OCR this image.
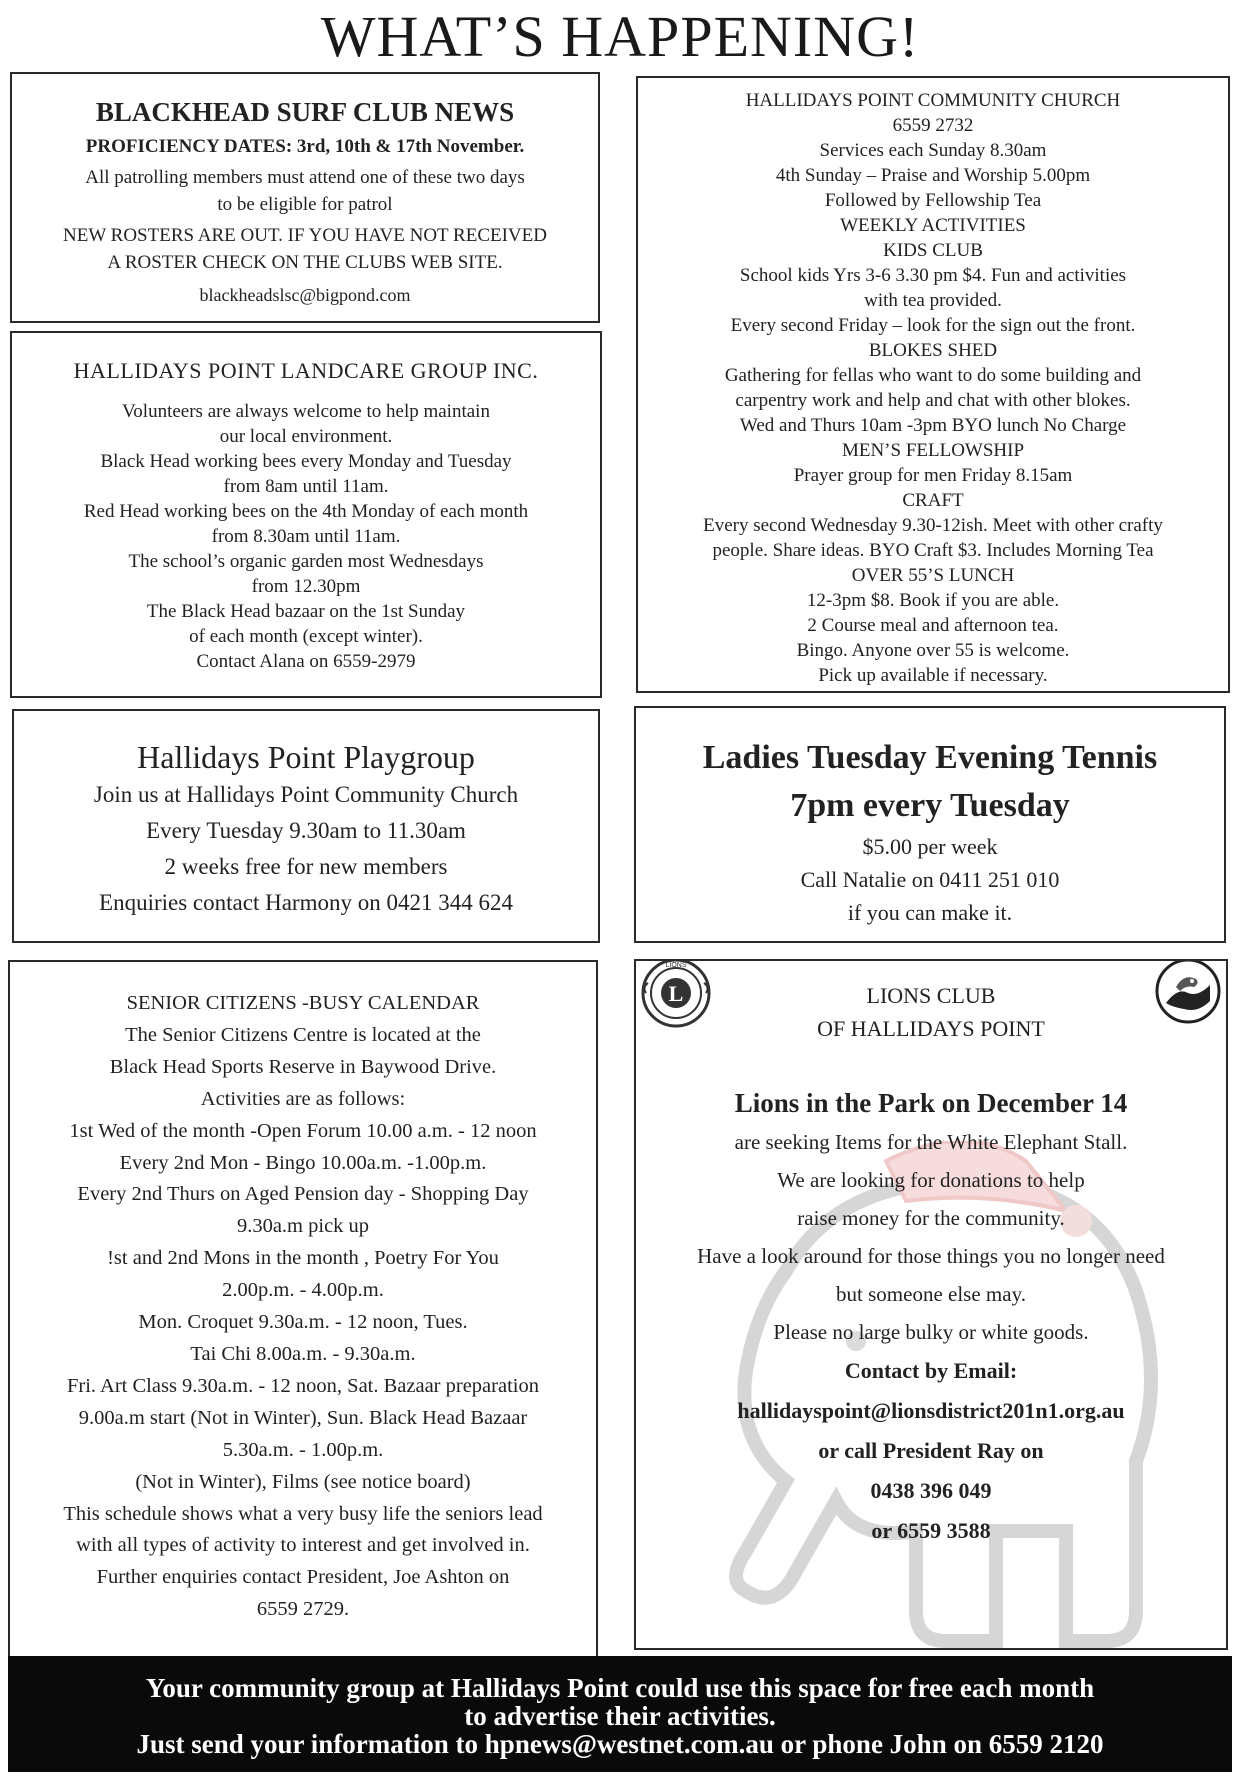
WHAT’S HAPPENING!

BLACKHEAD SURF CLUB NEWS

PROFICIENCY DATES: 3rd, 10th & 17th November.

All patrolling members must attend one of these two days

to be eligible for patrol

NEW ROSTERS ARE OUT. IF YOU HAVE NOT RECEIVED

A ROSTER CHECK ON THE CLUBS WEB SITE.

blackheadslsc@bigpond.com

HALLIDAYS POINT LANDCARE GROUP INC.

Volunteers are always welcome to help maintain

our local environment.

Black Head working bees every Monday and Tuesday

from 8am until 11am.

Red Head working bees on the 4th Monday of each month

from 8.30am until 11am.

The school’s organic garden most Wednesdays

from 12.30pm

The Black Head bazaar on the 1st Sunday

of each month (except winter).

Contact Alana on 6559-2979

HALLIDAYS POINT COMMUNITY CHURCH

6559 2732

Services each Sunday 8.30am

4th Sunday – Praise and Worship 5.00pm

Followed by Fellowship Tea

WEEKLY ACTIVITIES

KIDS CLUB

School kids Yrs 3-6 3.30 pm $4. Fun and activities

with tea provided.

Every second Friday – look for the sign out the front.

BLOKES SHED

Gathering for fellas who want to do some building and

carpentry work and help and chat with other blokes.

Wed and Thurs 10am -3pm BYO lunch No Charge

MEN’S FELLOWSHIP

Prayer group for men Friday 8.15am

CRAFT

Every second Wednesday 9.30-12ish. Meet with other crafty

people. Share ideas. BYO Craft $3. Includes Morning Tea

OVER 55’S LUNCH

12-3pm $8. Book if you are able.

2 Course meal and afternoon tea.

Bingo. Anyone over 55 is welcome.

Pick up available if necessary.

Hallidays Point Playgroup

Join us at Hallidays Point Community Church

Every Tuesday 9.30am to 11.30am

2 weeks free for new members

Enquiries contact Harmony on 0421 344 624

Ladies Tuesday Evening Tennis

7pm every Tuesday

$5.00 per week

Call Natalie on 0411 251 010

if you can make it.

SENIOR CITIZENS -BUSY CALENDAR

The Senior Citizens Centre is located at the

Black Head Sports Reserve in Baywood Drive.

Activities are as follows:

1st Wed of the month -Open Forum 10.00 a.m. - 12 noon

Every 2nd Mon - Bingo 10.00a.m. -1.00p.m.

Every 2nd Thurs on Aged Pension day - Shopping Day

9.30a.m pick up

!st and 2nd Mons in the month , Poetry For You

2.00p.m. - 4.00p.m.

Mon. Croquet 9.30a.m. - 12 noon, Tues.

Tai Chi 8.00a.m. - 9.30a.m.

Fri. Art Class 9.30a.m. - 12 noon, Sat. Bazaar preparation

9.00a.m start (Not in Winter), Sun. Black Head Bazaar

5.30a.m. - 1.00p.m.

(Not in Winter), Films (see notice board)

This schedule shows what a very busy life the seniors lead

with all types of activity to interest and get involved in.

Further enquiries contact President, Joe Ashton on

6559 2729.

L
LIONS

LIONS CLUB

OF HALLIDAYS POINT

Lions in the Park on December 14

are seeking Items for the White Elephant Stall.

We are looking for donations to help

raise money for the community.

Have a look around for those things you no longer need

but someone else may.

Please no large bulky or white goods.

Contact by Email:

hallidayspoint@lionsdistrict201n1.org.au

or call President Ray on

0438 396 049

or 6559 3588

Your community group at Hallidays Point could use this space for free each month

to advertise their activities.

Just send your information to hpnews@westnet.com.au or phone John on 6559 2120
